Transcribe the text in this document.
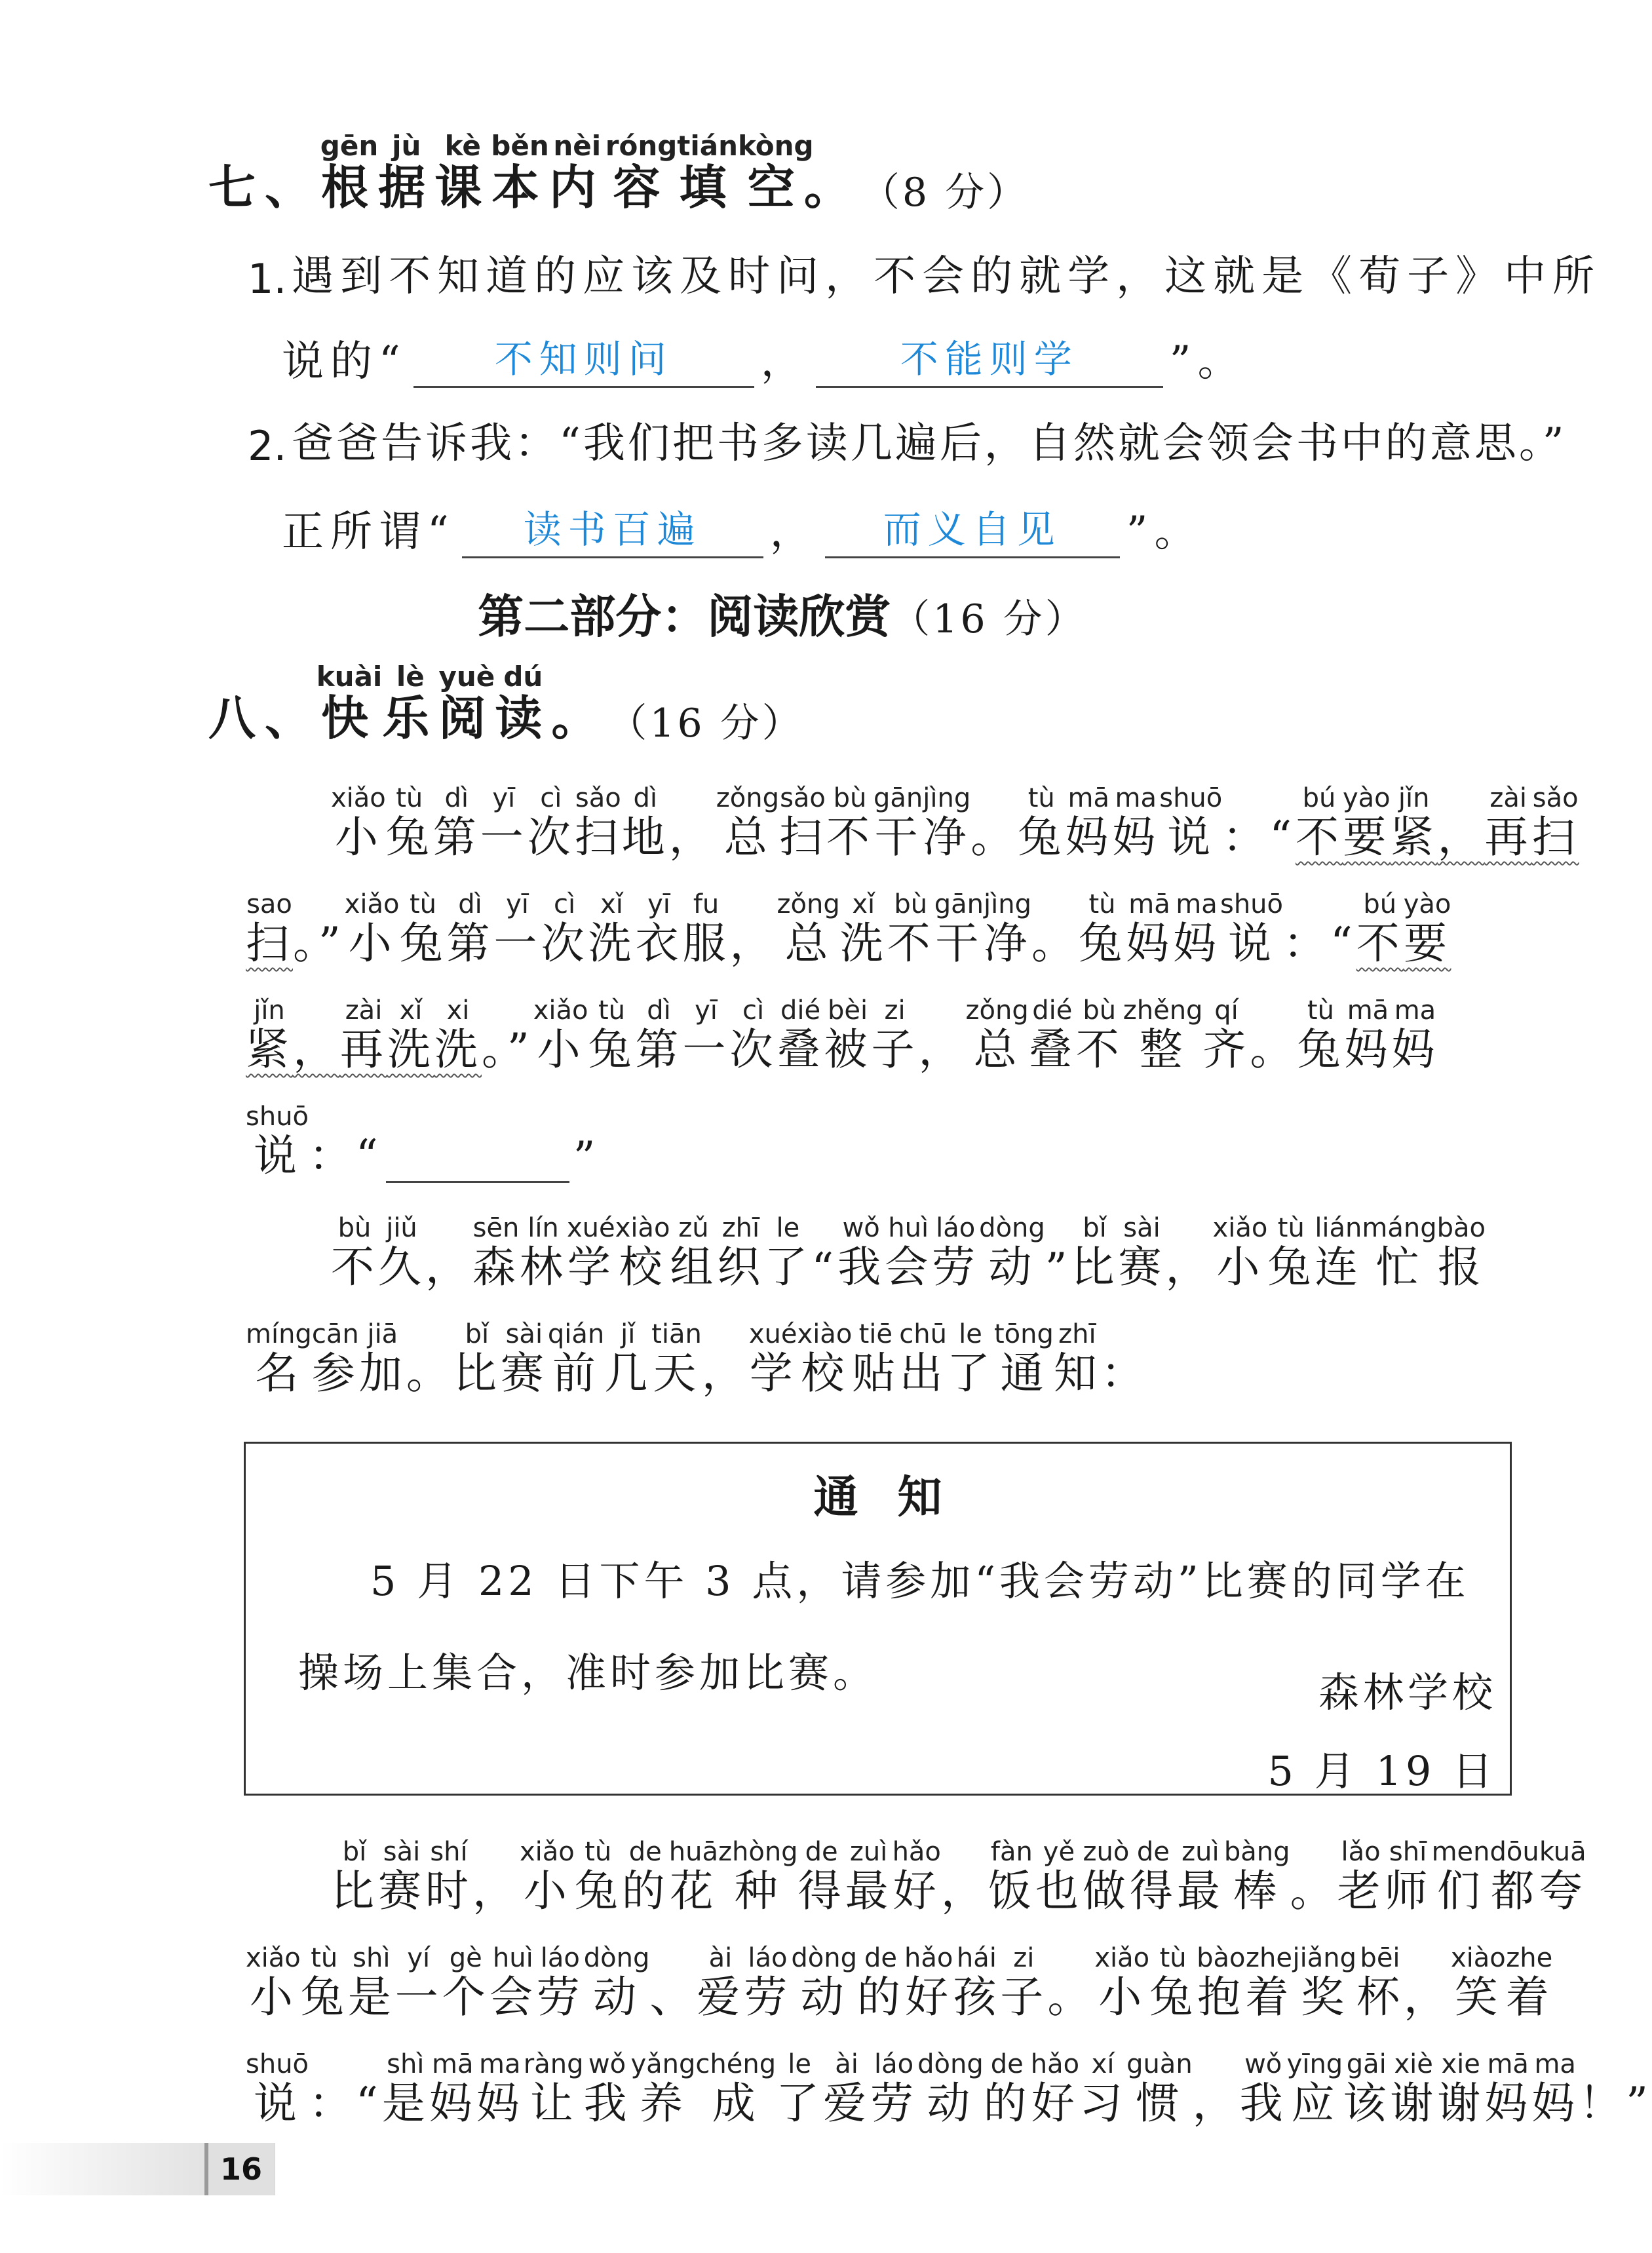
七、根gēn据jù课kè本běn内nèi容róng填tián空kòng。 （8 分）
1. 遇到不知道的应该及时问，不会的就学，这就是《荀子》中所
说的“	不知则问	，	不能则学	”。
2. 爸爸告诉我：“我们把书多读几遍后，自然就会领会书中的意思。”
正所谓“	读书百遍	，	而义自见	”。
第二部分：阅读欣赏（16 分）
八、快kuài乐lè阅yuè读dú。 （16 分）
小xiǎo
兔tù
第dì
一yī
次cì
扫sǎo
地dì
， 总zǒng
扫sǎo
不bù
干gān
净jìng
。 兔tù
妈mā
妈ma
说shuō
：“ 不bú
要yào
紧jǐn
， 再zài
扫sǎo
扫sao
。” 小xiǎo
兔tù
第dì
一yī
次cì
洗xǐ
衣yī
服fu
， 总zǒng
洗xǐ
不bù
干gān
净jìng
。 兔tù
妈mā
妈ma
说shuō
：“ 不bú
要yào
紧jǐn
， 再zài
洗xǐ
洗xi
。” 小xiǎo
兔tù
第dì
一yī
次cì
叠dié
被bèi
子zi
， 总zǒng
叠dié
不bù
整zhěng
齐qí
。 兔tù
妈mā
妈ma
说shuō
：“	”
不bù
久jiǔ
， 森sēn
林lín
学xué
校xiào
组zǔ
织zhī
了le
“ 我wǒ
会huì
劳láo
动dòng
” 比bǐ
赛sài
， 小xiǎo
兔tù
连lián
忙máng
报bào
名míng
参cān
加jiā
。 比bǐ
赛sài
前qián
几jǐ
天tiān
， 学xué
校xiào
贴tiē
出chū
了le
通tōng
知zhī
：
通知
5 月 22 日下午 3 点，请参加“我会劳动”比赛的同学在操场上集合，准时参加比赛。	森林学校
5 月 19 日
比bǐ
赛sài
时shí
， 小xiǎo
兔tù
的de
花huā
种zhòng
得de
最zuì
好hǎo
， 饭fàn
也yě
做zuò
得de
最zuì
棒bàng
。 老lǎo
师shī
们men
都dōu
夸kuā
小xiǎo
兔tù
是shì
一yí
个gè
会huì
劳láo
动dòng
、 爱ài
劳láo
动dòng
的de
好hǎo
孩hái
子zi
。 小xiǎo
兔tù
抱bào
着zhe
奖jiǎng
杯bēi
， 笑xiào
着zhe
说shuō
：“ 是shì
妈mā
妈ma
让ràng
我wǒ
养yǎng
成chéng
了le
爱ài
劳láo
动dòng
的de
好hǎo
习xí
惯guàn
， 我wǒ
应yīng
该gāi
谢xiè
谢xie
妈mā
妈ma
！”
16
